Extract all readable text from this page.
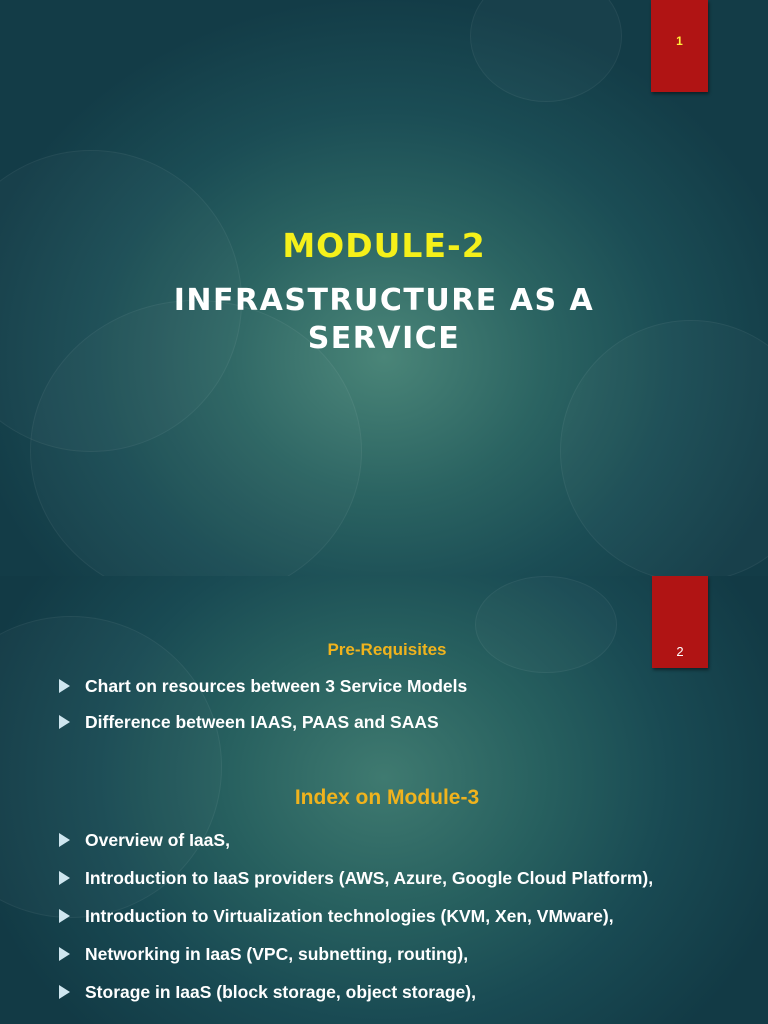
1
MODULE-2
INFRASTRUCTURE AS A SERVICE
2
Pre-Requisites
Chart on resources between 3 Service Models
Difference between IAAS, PAAS and SAAS
Index on Module-3
Overview of IaaS,
Introduction to IaaS providers (AWS, Azure, Google Cloud Platform),
Introduction to Virtualization technologies (KVM, Xen, VMware),
Networking in IaaS (VPC, subnetting, routing),
Storage in IaaS (block storage, object storage),
